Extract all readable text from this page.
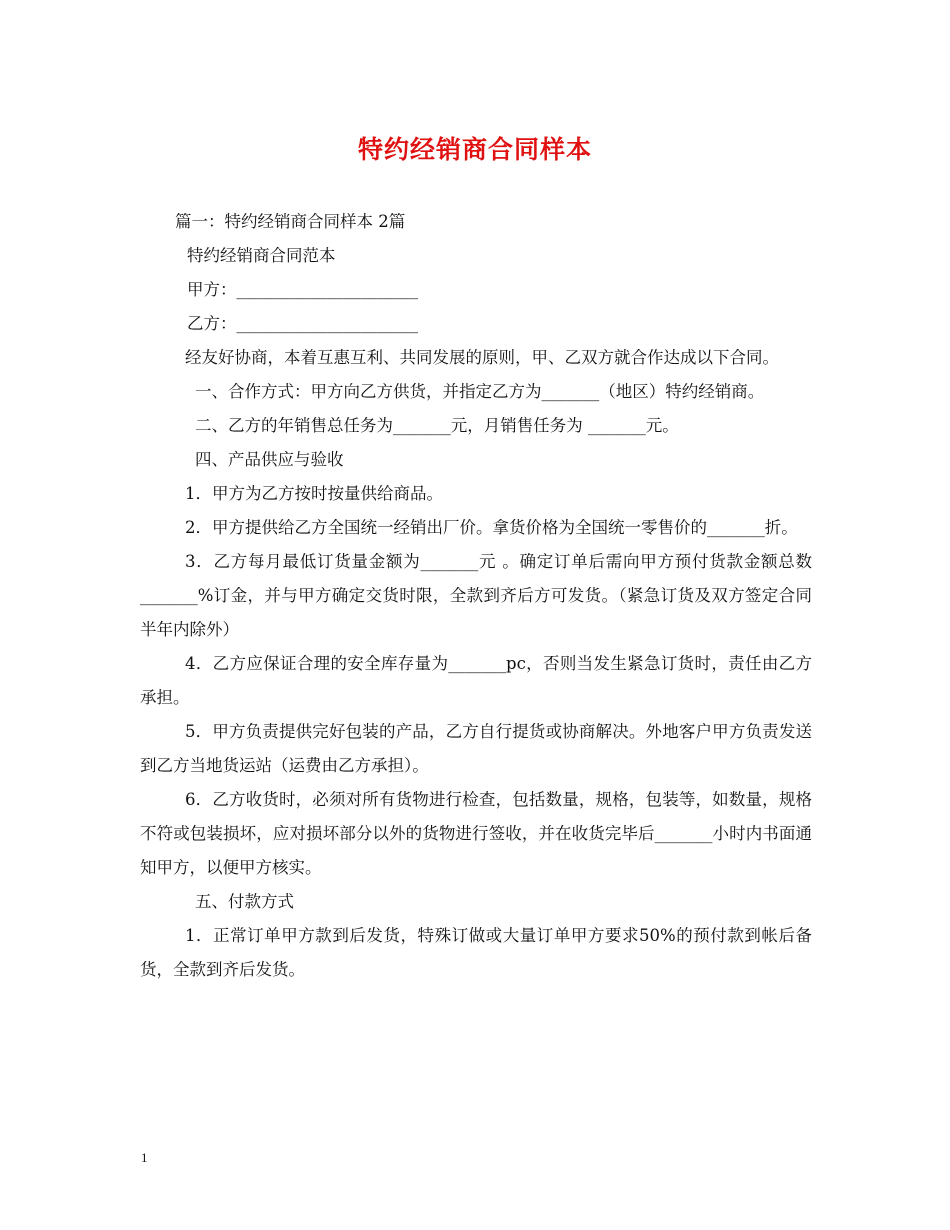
特约经销商合同样本

篇一：特约经销商合同样本 2篇

特约经销商合同范本

甲方：______________________

乙方：______________________

经友好协商，本着互惠互利、共同发展的原则，甲、乙双方就合作达成以下合同。

一、合作方式：甲方向乙方供货，并指定乙方为_______（地区）特约经销商。

二、乙方的年销售总任务为_______元，月销售任务为 _______元。

四、产品供应与验收

1．甲方为乙方按时按量供给商品。

2．甲方提供给乙方全国统一经销出厂价。拿货价格为全国统一零售价的_______折。

3．乙方每月最低订货量金额为_______元 。确定订单后需向甲方预付货款金额总数_______%订金，并与甲方确定交货时限，全款到齐后方可发货。（紧急订货及双方签定合同半年内除外）

4．乙方应保证合理的安全库存量为_______pc，否则当发生紧急订货时，责任由乙方承担。

5．甲方负责提供完好包装的产品，乙方自行提货或协商解决。外地客户甲方负责发送到乙方当地货运站（运费由乙方承担）。

6．乙方收货时，必须对所有货物进行检查，包括数量，规格，包装等，如数量，规格不符或包装损坏，应对损坏部分以外的货物进行签收，并在收货完毕后_______小时内书面通知甲方，以便甲方核实。

五、付款方式

1．正常订单甲方款到后发货，特殊订做或大量订单甲方要求50%的预付款到帐后备货，全款到齐后发货。

1
